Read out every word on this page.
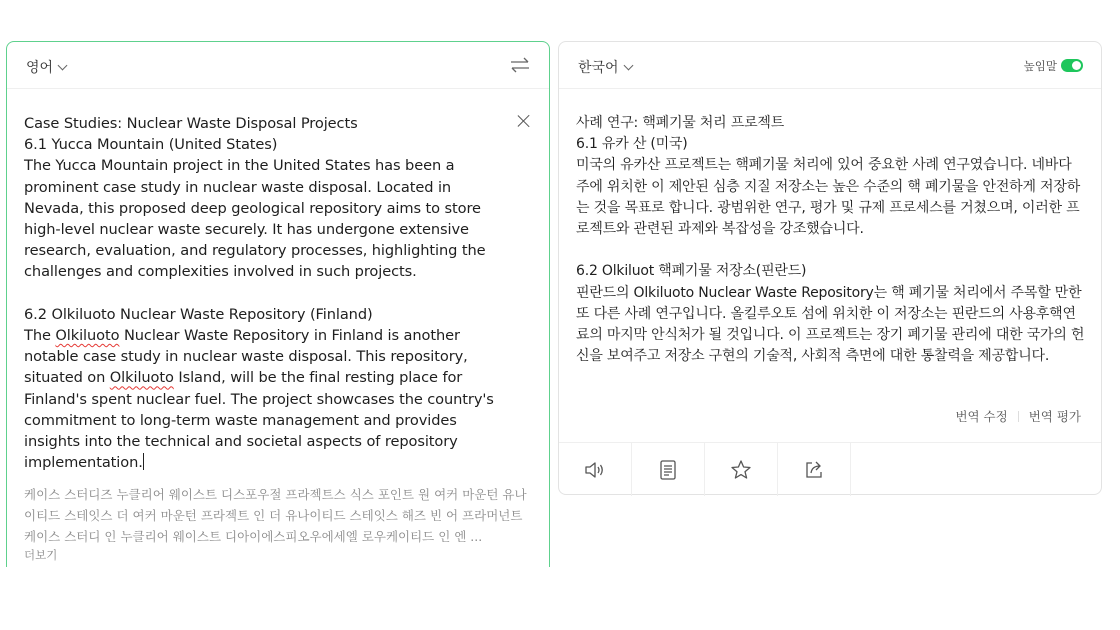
영어
Case Studies: Nuclear Waste Disposal Projects
6.1 Yucca Mountain (United States)
The Yucca Mountain project in the United States has been a prominent case study in nuclear waste disposal. Located in Nevada, this proposed deep geological repository aims to store high-level nuclear waste securely. It has undergone extensive research, evaluation, and regulatory processes, highlighting the challenges and complexities involved in such projects.

6.2 Olkiluoto Nuclear Waste Repository (Finland)
The Olkiluoto Nuclear Waste Repository in Finland is another notable case study in nuclear waste disposal. This repository, situated on Olkiluoto Island, will be the final resting place for Finland's spent nuclear fuel. The project showcases the country's commitment to long-term waste management and provides insights into the technical and societal aspects of repository implementation.
케이스 스터디즈 누클리어 웨이스트 디스포우절 프라젝트스 식스 포인트 원 여커 마운턴 유나이티드 스테잇스 더 여커 마운턴 프라젝트 인 더 유나이티드 스테잇스 해즈 빈 어 프라머넌트 케이스 스터디 인 누클리어 웨이스트 디아이에스피오우에세엘 로우케이티드 인 엔 ...
더보기
한국어	높임말
사례 연구: 핵폐기물 처리 프로젝트
6.1 유카 산 (미국)
미국의 유카산 프로젝트는 핵폐기물 처리에 있어 중요한 사례 연구였습니다. 네바다 주에 위치한 이 제안된 심층 지질 저장소는 높은 수준의 핵 폐기물을 안전하게 저장하는 것을 목표로 합니다. 광범위한 연구, 평가 및 규제 프로세스를 거쳤으며, 이러한 프로젝트와 관련된 과제와 복잡성을 강조했습니다.

6.2 Olkiluot 핵폐기물 저장소(핀란드)
핀란드의 Olkiluoto Nuclear Waste Repository는 핵 폐기물 처리에서 주목할 만한 또 다른 사례 연구입니다. 올킬루오토 섬에 위치한 이 저장소는 핀란드의 사용후핵연료의 마지막 안식처가 될 것입니다. 이 프로젝트는 장기 폐기물 관리에 대한 국가의 헌신을 보여주고 저장소 구현의 기술적, 사회적 측면에 대한 통찰력을 제공합니다.
번역 수정 번역 평가
